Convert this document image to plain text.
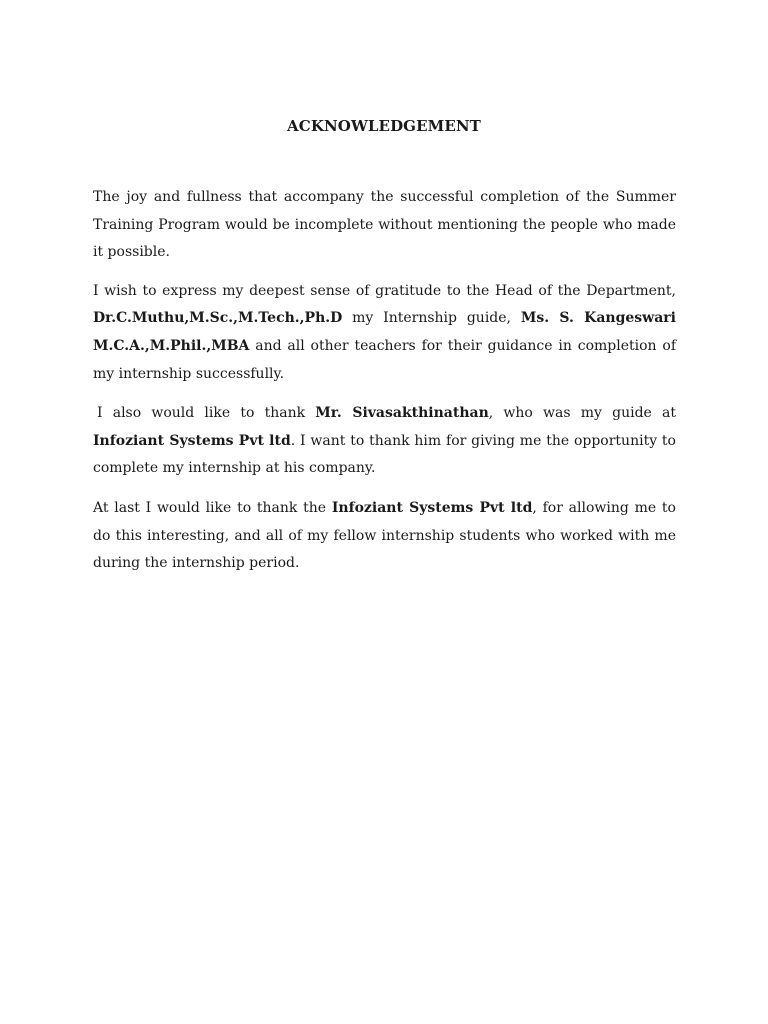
ACKNOWLEDGEMENT

The joy and fullness that accompany the successful completion of the Summer Training Program would be incomplete without mentioning the people who made it possible.

I wish to express my deepest sense of gratitude to the Head of the Department, Dr.C.Muthu,M.Sc.,M.Tech.,Ph.D my Internship guide, Ms. S. Kangeswari M.C.A.,M.Phil.,MBA and all other teachers for their guidance in completion of my internship successfully.

I also would like to thank Mr. Sivasakthinathan, who was my guide at Infoziant Systems Pvt ltd. I want to thank him for giving me the opportunity to complete my internship at his company.

At last I would like to thank the Infoziant Systems Pvt ltd, for allowing me to do this interesting, and all of my fellow internship students who worked with me during the internship period.
